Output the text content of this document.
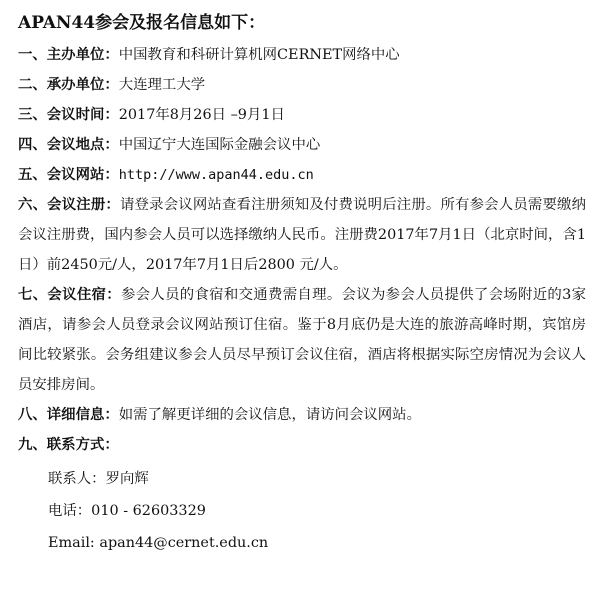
APAN44参会及报名信息如下：
一、主办单位：中国教育和科研计算机网CERNET网络中心
二、承办单位：大连理工大学
三、会议时间：2017年8月26日 –9月1日
四、会议地点：中国辽宁大连国际金融会议中心
五、会议网站：http://www.apan44.edu.cn
六、会议注册：请登录会议网站查看注册须知及付费说明后注册。所有参会人员需要缴纳会议注册费，国内参会人员可以选择缴纳人民币。注册费2017年7月1日（北京时间，含1日）前2450元/人，2017年7月1日后2800 元/人。
七、会议住宿：参会人员的食宿和交通费需自理。会议为参会人员提供了会场附近的3家酒店，请参会人员登录会议网站预订住宿。鉴于8月底仍是大连的旅游高峰时期，宾馆房间比较紧张。会务组建议参会人员尽早预订会议住宿，酒店将根据实际空房情况为会议人员安排房间。
八、详细信息：如需了解更详细的会议信息，请访问会议网站。
九、联系方式：
联系人：罗向辉
电话：010 - 62603329
Email: apan44@cernet.edu.cn
